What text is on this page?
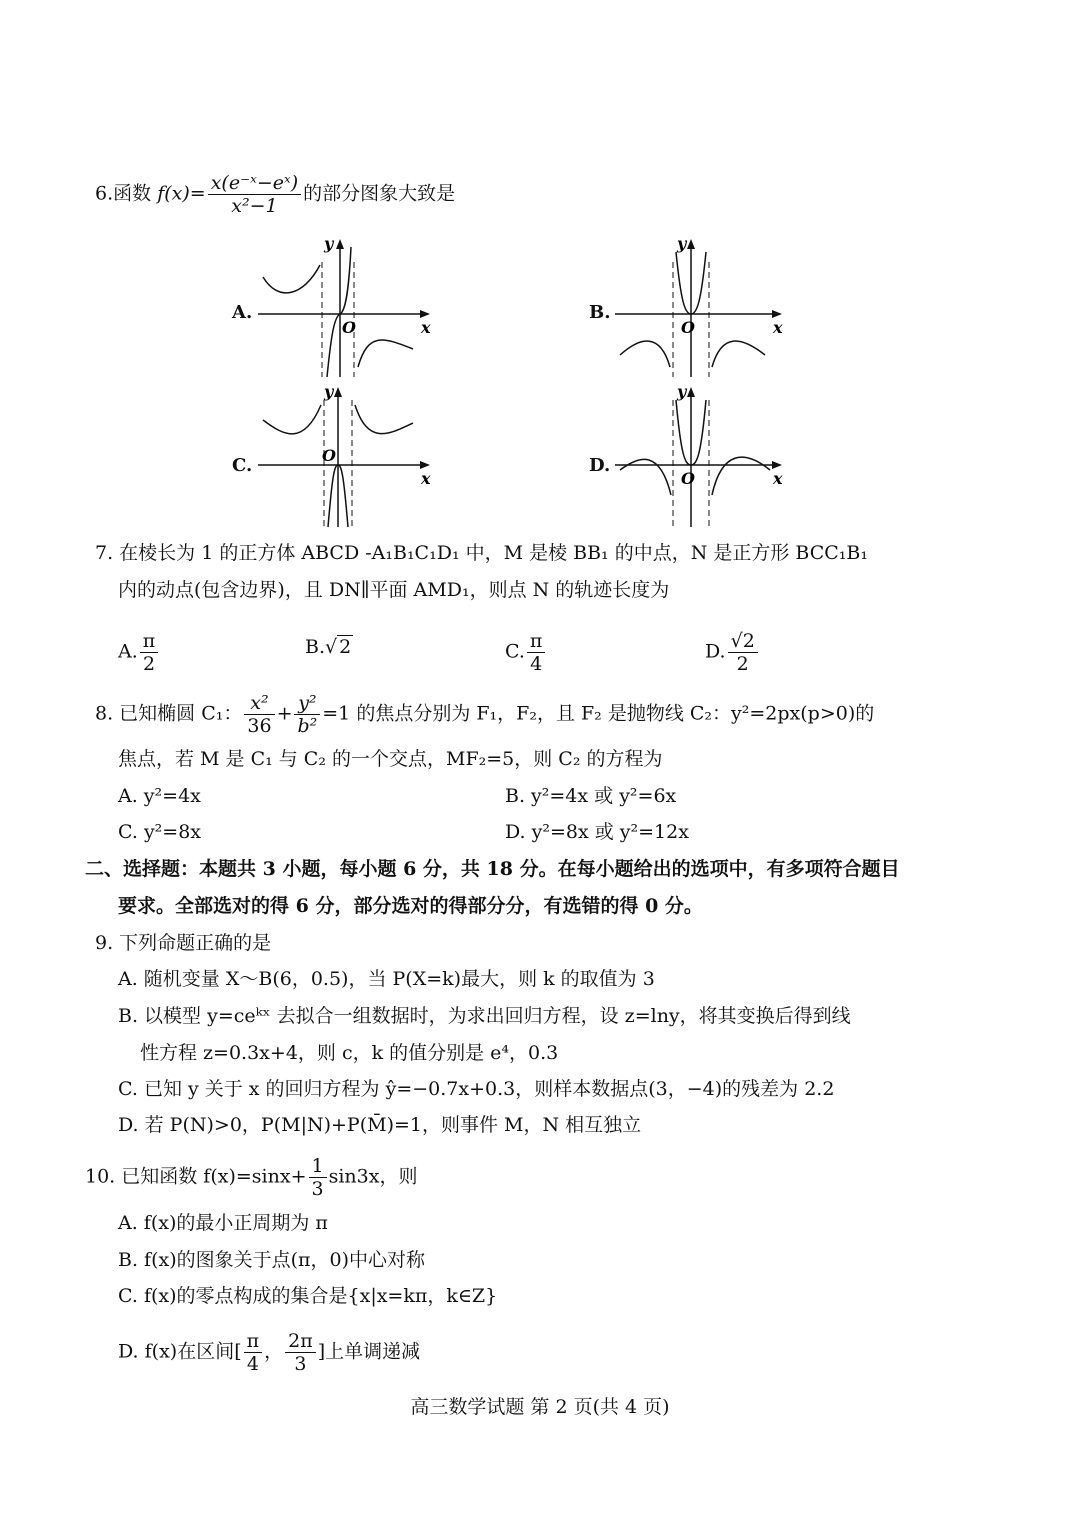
6.函数 $f(x)= \frac{\text{x(e⁻ˣ−eˣ)}}{\text{x²−1}}$ 的部分图象大致是
A.
y
x
O
B.
y
x
O
C.
y
x
O	D.
y
x
O
7. 在棱长为 1 的正方体 ABCD -A₁B₁C₁D₁ 中，M 是棱 BB₁ 的中点，N 是正方形 BCC₁B₁
内的动点(包含边界)，且 DN∥平面 AMD₁，则点 N 的轨迹长度为
A. $\frac{\pi}{2}$	B.√ 2	C. $\frac{\pi}{4}$	D. $\frac{√2}{2}$
8. 已知椭圆 C₁： $\frac{\text{x²}}{36} + \frac{\text{y²}}{\text{b²}} =1$ 的焦点分别为 F₁，F₂，且 F₂ 是抛物线 C₂：y²=2px(p>0)的
焦点，若 M 是 C₁ 与 C₂ 的一个交点，MF₂=5，则 C₂ 的方程为
A. y²=4x	B. y²=4x 或 y²=6x
C. y²=8x	D. y²=8x 或 y²=12x
二、选择题：本题共 3 小题，每小题 6 分，共 18 分。在每小题给出的选项中，有多项符合题目
要求。全部选对的得 6 分，部分选对的得部分分，有选错的得 0 分。
9. 下列命题正确的是
A. 随机变量 X～B(6，0.5)，当 P(X=k)最大，则 k 的取值为 3
B. 以模型 y=ceᵏˣ 去拟合一组数据时，为求出回归方程，设 z=lny，将其变换后得到线
性方程 z=0.3x+4，则 c，k 的值分别是 e⁴，0.3
C. 已知 y 关于 x 的回归方程为 ŷ=−0.7x+0.3，则样本数据点(3，−4)的残差为 2.2
D. 若 P(N)>0，P(M|N)+P(M̄)=1，则事件 M，N 相互独立
10. 已知函数 $f(x)=\sin x+ \frac{1}{3} \sin 3x$，则
A. f(x)的最小正周期为 π
B. f(x)的图象关于点(π，0)中心对称
C. f(x)的零点构成的集合是{x|x=kπ，k∈Z}
D. f(x)在区间[ $\frac{\pi}{4}$ ， $\frac{2\pi}{3}$ ]上单调递减
高三数学试题 第 2 页(共 4 页)
